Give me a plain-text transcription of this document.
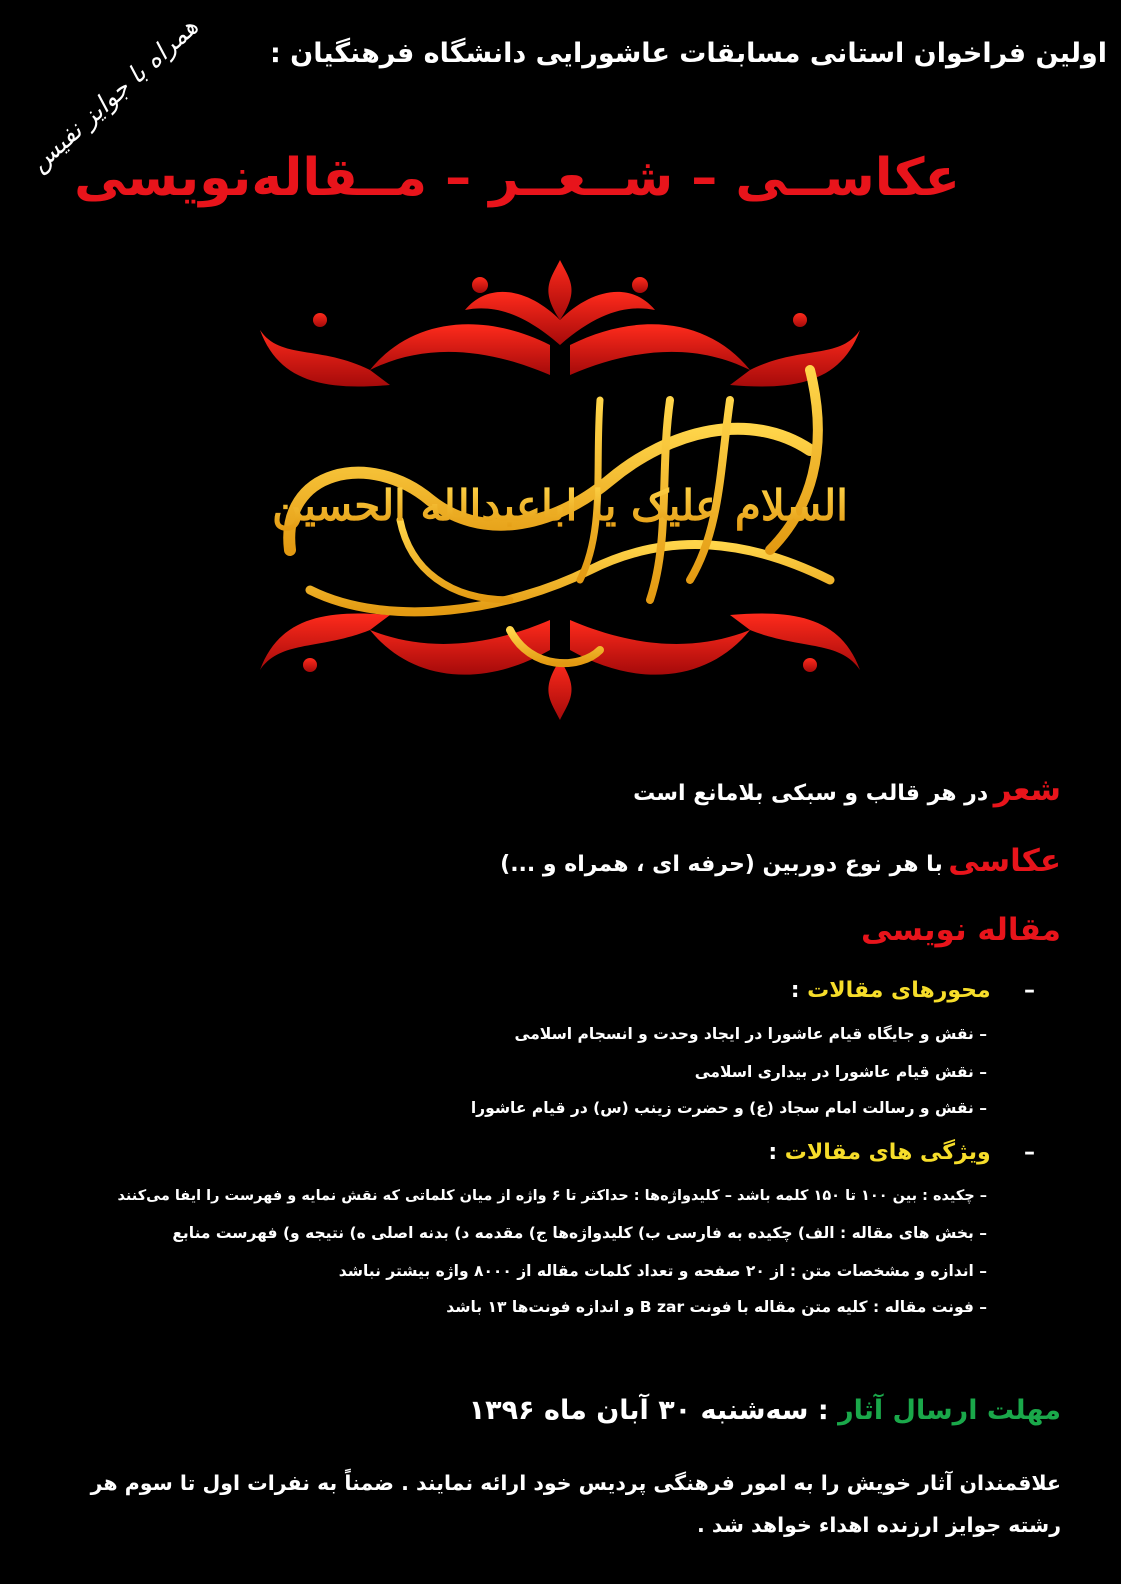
اولین فراخوان استانی مسابقات عاشورایی دانشگاه فرهنگیان :
همراه با جوایز نفیس
عکاســی – شــعــر – مــقاله‌نویسی
السلام علیک یا اباعبدالله الحسین
شعر در هر قالب و سبکی بلامانع است
عکاسی با هر نوع دوربین (حرفه ای ، همراه و ...)
مقاله نویسی
–  محورهای مقالات :
– نقش و جایگاه قیام عاشورا در ایجاد وحدت و انسجام اسلامی
– نقش قیام عاشورا در بیداری اسلامی
– نقش و رسالت امام سجاد (ع) و حضرت زینب (س) در قیام عاشورا
–  ویژگی های مقالات :
– چکیده : بین ۱۰۰ تا ۱۵۰ کلمه باشد – کلیدواژه‌ها : حداکثر تا ۶ واژه از میان کلماتی که نقش نمایه و فهرست را ایفا می‌کنند
– بخش های مقاله : الف) چکیده به فارسی ب) کلیدواژه‌ها ج) مقدمه د) بدنه اصلی ه) نتیجه و) فهرست منابع
– اندازه و مشخصات متن : از ۲۰ صفحه و تعداد کلمات مقاله از ۸۰۰۰ واژه بیشتر نباشد
– فونت مقاله : کلیه متن مقاله با فونت B zar و اندازه فونت‌ها ۱۳ باشد
مهلت ارسال آثار : سه‌شنبه ۳۰ آبان ماه ۱۳۹۶
علاقمندان آثار خویش را به امور فرهنگی پردیس خود ارائه نمایند . ضمناً به نفرات اول تا سوم هر رشته جوایز ارزنده اهداء خواهد شد .
